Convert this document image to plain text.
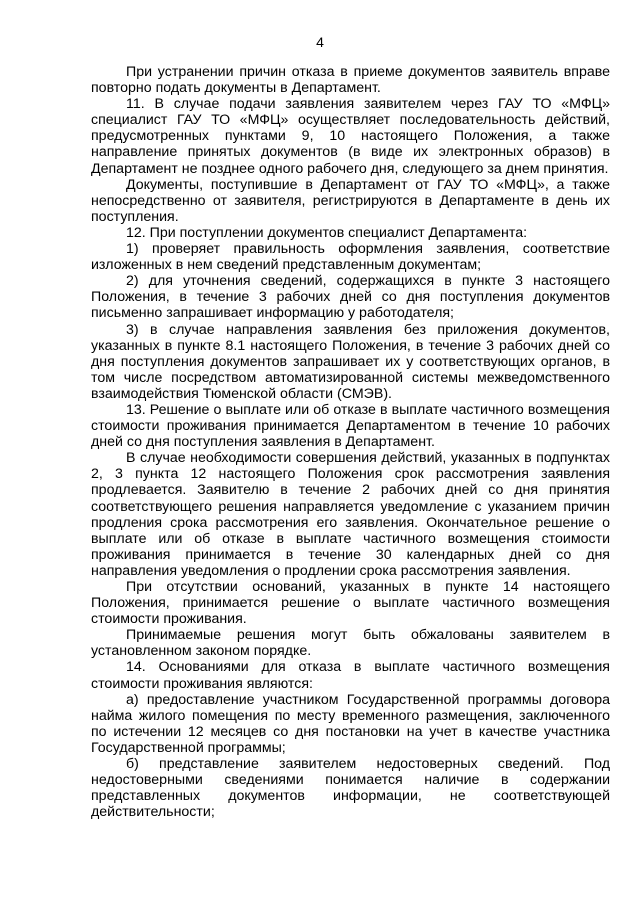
4

При устранении причин отказа в приеме документов заявитель вправе повторно подать документы в Департамент.

11. В случае подачи заявления заявителем через ГАУ ТО «МФЦ» специалист ГАУ ТО «МФЦ» осуществляет последовательность действий, предусмотренных пунктами 9, 10 настоящего Положения, а также направление принятых документов (в виде их электронных образов) в Департамент не позднее одного рабочего дня, следующего за днем принятия.

Документы, поступившие в Департамент от ГАУ ТО «МФЦ», а также непосредственно от заявителя, регистрируются в Департаменте в день их поступления.

12. При поступлении документов специалист Департамента:

1) проверяет правильность оформления заявления, соответствие изложенных в нем сведений представленным документам;

2) для уточнения сведений, содержащихся в пункте 3 настоящего Положения, в течение 3 рабочих дней со дня поступления документов письменно запрашивает информацию у работодателя;

3) в случае направления заявления без приложения документов, указанных в пункте 8.1 настоящего Положения, в течение 3 рабочих дней со дня поступления документов запрашивает их у соответствующих органов, в том числе посредством автоматизированной системы межведомственного взаимодействия Тюменской области (СМЭВ).

13. Решение о выплате или об отказе в выплате частичного возмещения стоимости проживания принимается Департаментом в течение 10 рабочих дней со дня поступления заявления в Департамент.

В случае необходимости совершения действий, указанных в подпунктах 2, 3 пункта 12 настоящего Положения срок рассмотрения заявления продлевается. Заявителю в течение 2 рабочих дней со дня принятия соответствующего решения направляется уведомление с указанием причин продления срока рассмотрения его заявления. Окончательное решение о выплате или об отказе в выплате частичного возмещения стоимости проживания принимается в течение 30 календарных дней со дня направления уведомления о продлении срока рассмотрения заявления.

При отсутствии оснований, указанных в пункте 14 настоящего Положения, принимается решение о выплате частичного возмещения стоимости проживания.

Принимаемые решения могут быть обжалованы заявителем в установленном законом порядке.

14. Основаниями для отказа в выплате частичного возмещения стоимости проживания являются:

а) предоставление участником Государственной программы договора найма жилого помещения по месту временного размещения, заключенного по истечении 12 месяцев со дня постановки на учет в качестве участника Государственной программы;

б) представление заявителем недостоверных сведений. Под недостоверными сведениями понимается наличие в содержании представленных документов информации, не соответствующей действительности;
